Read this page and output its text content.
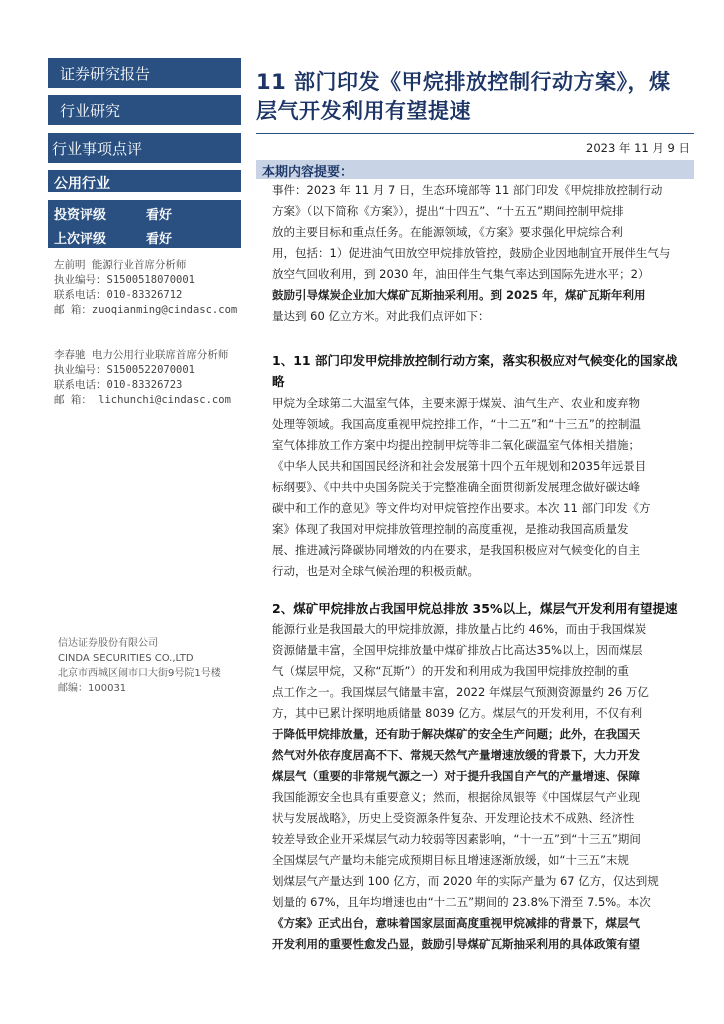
证券研究报告
行业研究
行业事项点评
公用行业
投资评级	看好
上次评级	看好
左前明 能源行业首席分析师
执业编号：S1500518070001
联系电话：010-83326712
邮 箱：zuoqianming@cindasc.com
李春驰 电力公用行业联席首席分析师
执业编号：S1500522070001
联系电话：010-83326723
邮 箱： lichunchi@cindasc.com
信达证券股份有限公司
CINDA SECURITIES CO.,LTD
北京市西城区闹市口大街9号院1号楼
邮编：100031
11 部门印发《甲烷排放控制行动方案》，煤
层气开发利用有望提速
2023 年 11 月 9 日
本期内容提要：
事件：2023 年 11 月 7 日，生态环境部等 11 部门印发《甲烷排放控制行动
方案》（以下简称《方案》），提出“十四五”、“十五五”期间控制甲烷排
放的主要目标和重点任务。在能源领域，《方案》要求强化甲烷综合利
用，包括：1）促进油气田放空甲烷排放管控，鼓励企业因地制宜开展伴生气与
放空气回收利用，到 2030 年，油田伴生气集气率达到国际先进水平；2）
鼓励引导煤炭企业加大煤矿瓦斯抽采利用。到 2025 年，煤矿瓦斯年利用
量达到 60 亿立方米。对此我们点评如下：
1、11 部门印发甲烷排放控制行动方案，落实积极应对气候变化的国家战
略
甲烷为全球第二大温室气体，主要来源于煤炭、油气生产、农业和废弃物
处理等领域。我国高度重视甲烷控排工作，“十二五”和“十三五”的控制温
室气体排放工作方案中均提出控制甲烷等非二氧化碳温室气体相关措施；
《中华人民共和国国民经济和社会发展第十四个五年规划和2035年远景目
标纲要》、《中共中央国务院关于完整准确全面贯彻新发展理念做好碳达峰
碳中和工作的意见》等文件均对甲烷管控作出要求。本次 11 部门印发《方
案》体现了我国对甲烷排放管理控制的高度重视，是推动我国高质量发
展、推进减污降碳协同增效的内在要求，是我国积极应对气候变化的自主
行动，也是对全球气候治理的积极贡献。
2、煤矿甲烷排放占我国甲烷总排放 35%以上，煤层气开发利用有望提速
能源行业是我国最大的甲烷排放源，排放量占比约 46%，而由于我国煤炭
资源储量丰富，全国甲烷排放量中煤矿排放占比高达35%以上，因而煤层
气（煤层甲烷，又称“瓦斯”）的开发和利用成为我国甲烷排放控制的重
点工作之一。我国煤层气储量丰富，2022 年煤层气预测资源量约 26 万亿
方，其中已累计探明地质储量 8039 亿方。煤层气的开发利用，不仅有利
于降低甲烷排放量，还有助于解决煤矿的安全生产问题；此外，在我国天
然气对外依存度居高不下、常规天然气产量增速放缓的背景下，大力开发
煤层气（重要的非常规气源之一）对于提升我国自产气的产量增速、保障
我国能源安全也具有重要意义；然而，根据徐凤银等《中国煤层气产业现
状与发展战略》，历史上受资源条件复杂、开发理论技术不成熟、经济性
较差导致企业开采煤层气动力较弱等因素影响，“十一五”到“十三五”期间
全国煤层气产量均未能完成预期目标且增速逐渐放缓，如“十三五”末规
划煤层气产量达到 100 亿方，而 2020 年的实际产量为 67 亿方，仅达到规
划量的 67%，且年均增速也由“十二五”期间的 23.8%下滑至 7.5%。本次
《方案》正式出台，意味着国家层面高度重视甲烷减排的背景下，煤层气
开发利用的重要性愈发凸显，鼓励引导煤矿瓦斯抽采利用的具体政策有望
